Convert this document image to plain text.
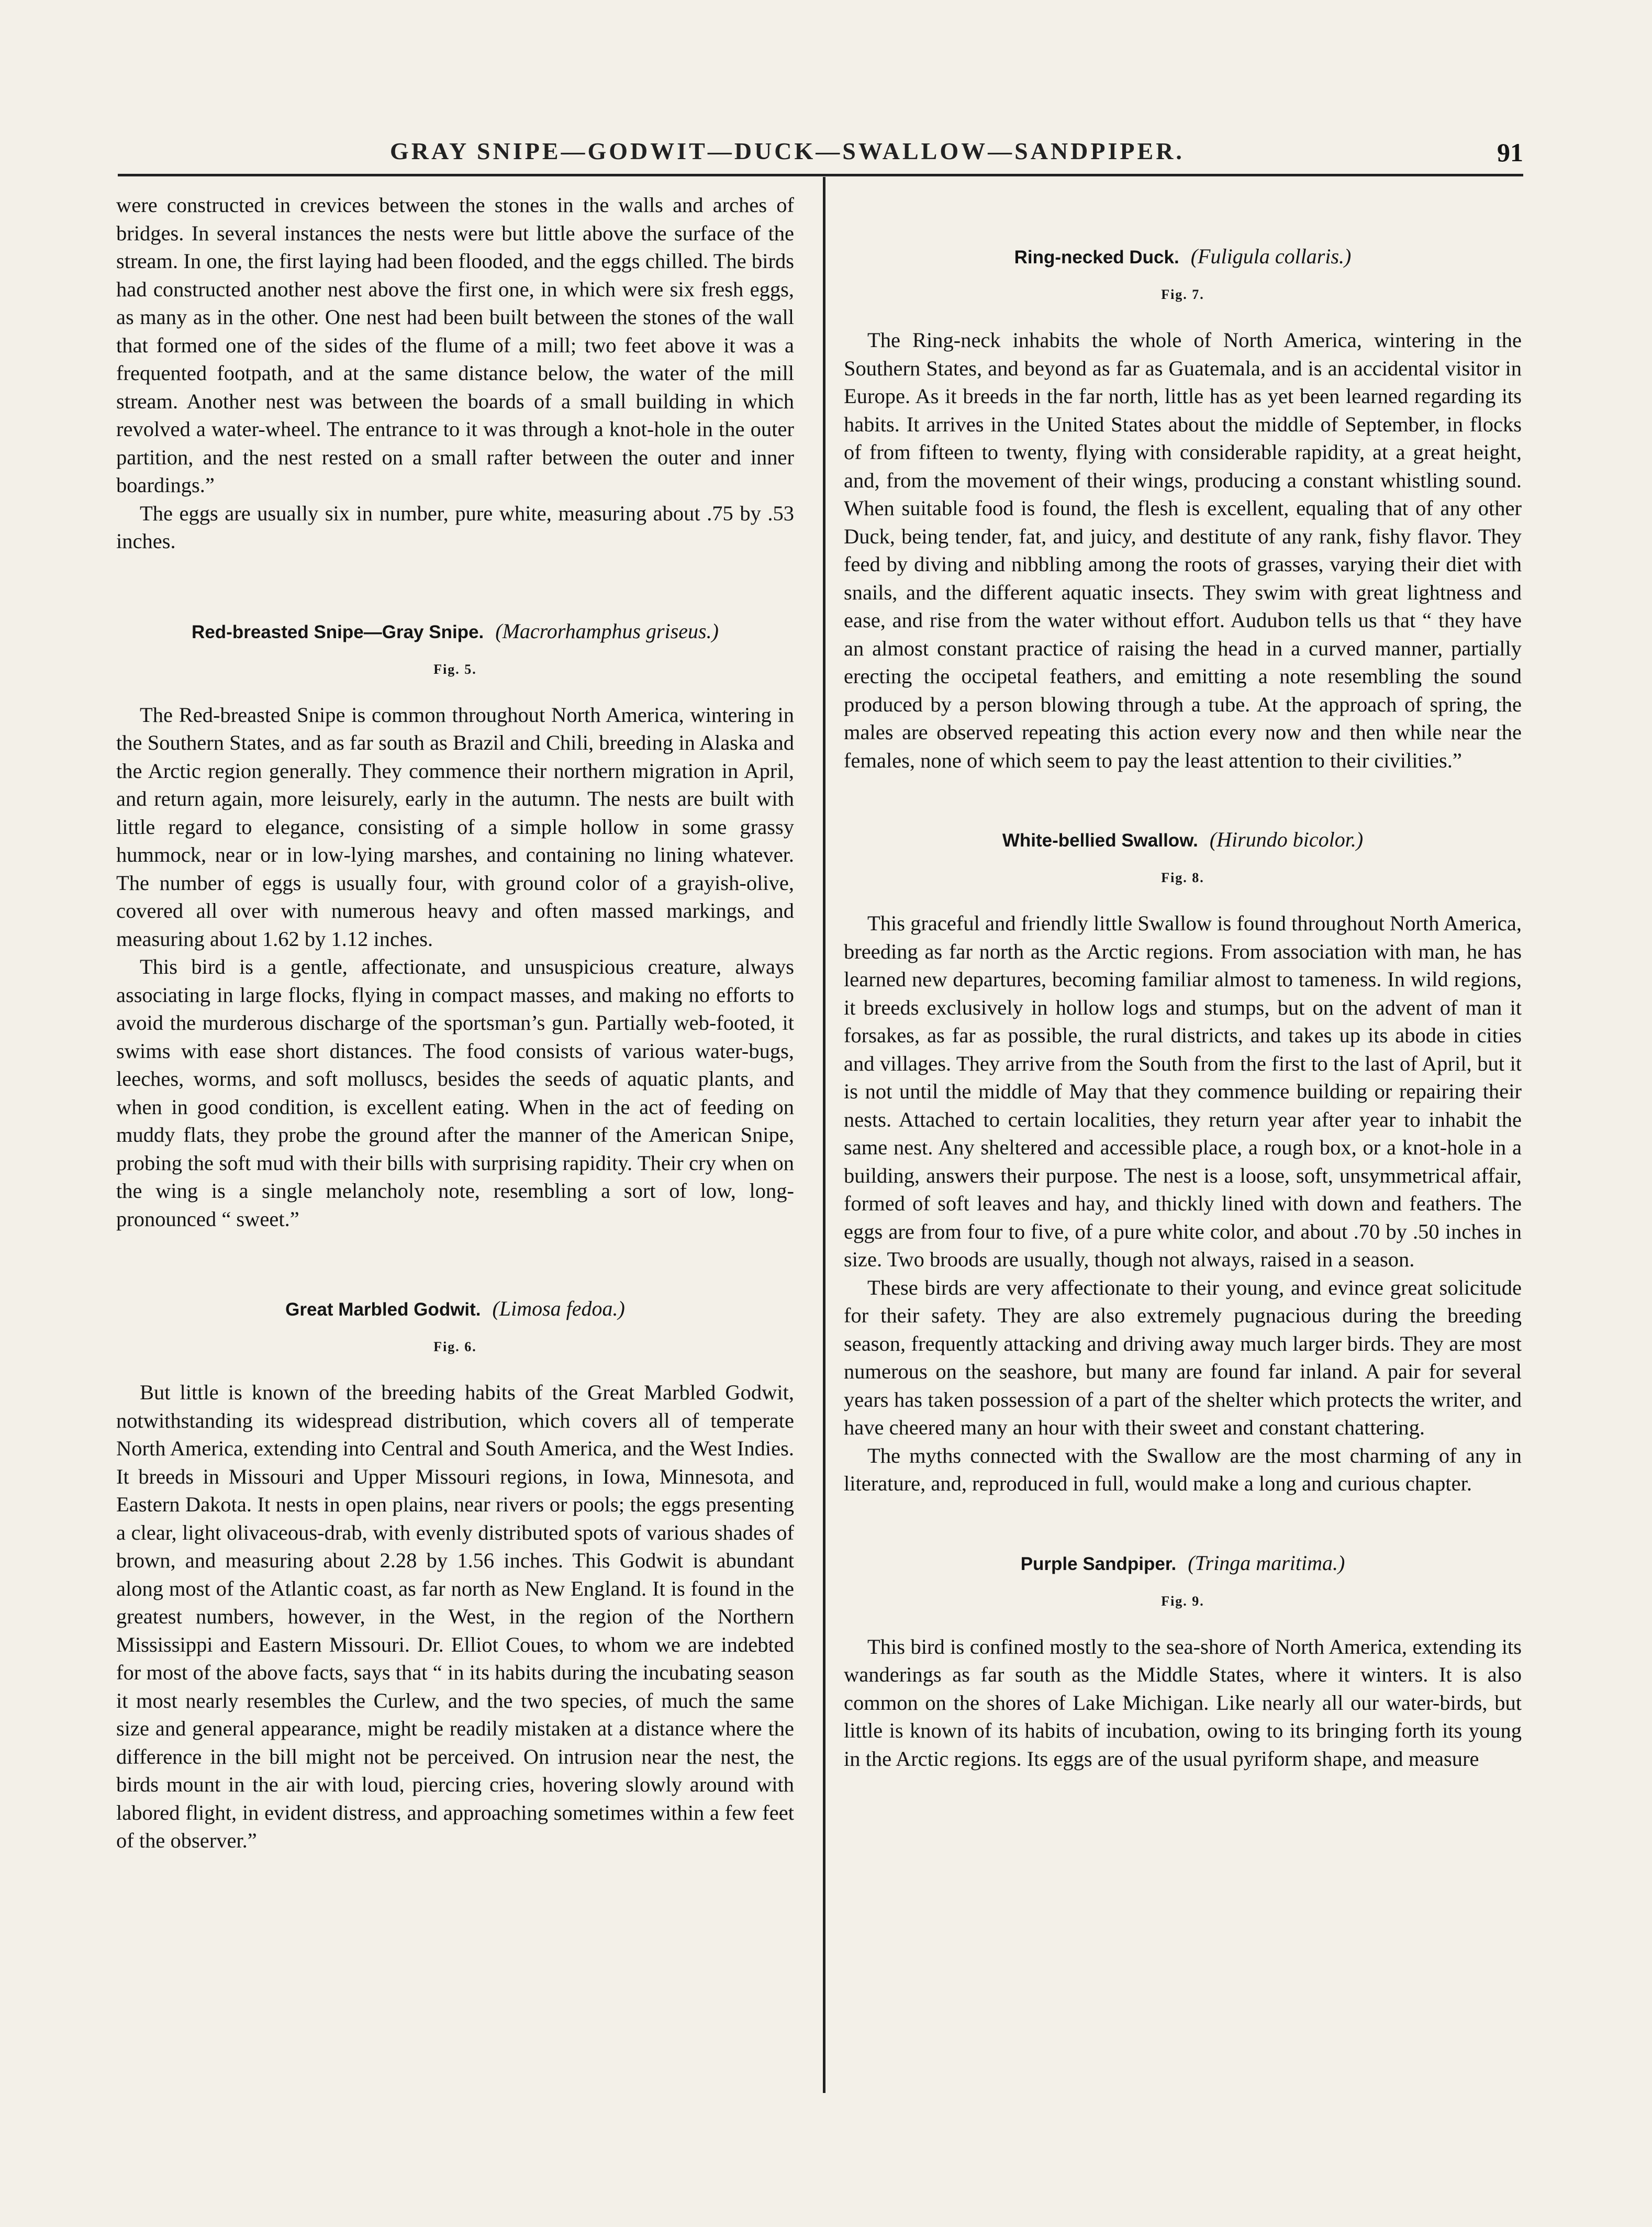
GRAY SNIPE—GODWIT—DUCK—SWALLOW—SANDPIPER.	91

were constructed in crevices between the stones in the walls and arches of bridges. In several instances the nests were but little above the surface of the stream. In one, the first laying had been flooded, and the eggs chilled. The birds had constructed another nest above the first one, in which were six fresh eggs, as many as in the other. One nest had been built between the stones of the wall that formed one of the sides of the flume of a mill; two feet above it was a frequented footpath, and at the same distance below, the water of the mill stream. Another nest was between the boards of a small building in which revolved a water-wheel. The entrance to it was through a knot-hole in the outer partition, and the nest rested on a small rafter between the outer and inner boardings.”

The eggs are usually six in number, pure white, measuring about .75 by .53 inches.

Red-breasted Snipe—Gray Snipe. (Macrorhamphus griseus.)
Fig. 5.

The Red-breasted Snipe is common throughout North America, wintering in the Southern States, and as far south as Brazil and Chili, breeding in Alaska and the Arctic region generally. They commence their northern migration in April, and return again, more leisurely, early in the autumn. The nests are built with little regard to elegance, consisting of a simple hollow in some grassy hummock, near or in low-lying marshes, and containing no lining whatever. The number of eggs is usually four, with ground color of a grayish-olive, covered all over with numerous heavy and often massed markings, and measuring about 1.62 by 1.12 inches.

This bird is a gentle, affectionate, and unsuspicious creature, always associating in large flocks, flying in compact masses, and making no efforts to avoid the murderous discharge of the sportsman’s gun. Partially web-footed, it swims with ease short distances. The food consists of various water-bugs, leeches, worms, and soft molluscs, besides the seeds of aquatic plants, and when in good condition, is excellent eating. When in the act of feeding on muddy flats, they probe the ground after the manner of the American Snipe, probing the soft mud with their bills with surprising rapidity. Their cry when on the wing is a single melancholy note, resembling a sort of low, long-pronounced “ sweet.”

Great Marbled Godwit. (Limosa fedoa.)
Fig. 6.

But little is known of the breeding habits of the Great Marbled Godwit, notwithstanding its widespread distribution, which covers all of temperate North America, extending into Central and South America, and the West Indies. It breeds in Missouri and Upper Missouri regions, in Iowa, Minnesota, and Eastern Dakota. It nests in open plains, near rivers or pools; the eggs presenting a clear, light olivaceous-drab, with evenly distributed spots of various shades of brown, and measuring about 2.28 by 1.56 inches. This Godwit is abundant along most of the Atlantic coast, as far north as New England. It is found in the greatest numbers, however, in the West, in the region of the Northern Mississippi and Eastern Missouri. Dr. Elliot Coues, to whom we are indebted for most of the above facts, says that “ in its habits during the incubating season it most nearly resembles the Curlew, and the two species, of much the same size and general appearance, might be readily mistaken at a distance where the difference in the bill might not be perceived. On intrusion near the nest, the birds mount in the air with loud, piercing cries, hovering slowly around with labored flight, in evident distress, and approaching sometimes within a few feet of the observer.”

Ring-necked Duck. (Fuligula collaris.)
Fig. 7.

The Ring-neck inhabits the whole of North America, wintering in the Southern States, and beyond as far as Guatemala, and is an accidental visitor in Europe. As it breeds in the far north, little has as yet been learned regarding its habits. It arrives in the United States about the middle of September, in flocks of from fifteen to twenty, flying with considerable rapidity, at a great height, and, from the movement of their wings, producing a constant whistling sound. When suitable food is found, the flesh is excellent, equaling that of any other Duck, being tender, fat, and juicy, and destitute of any rank, fishy flavor. They feed by diving and nibbling among the roots of grasses, varying their diet with snails, and the different aquatic insects. They swim with great lightness and ease, and rise from the water without effort. Audubon tells us that “ they have an almost constant practice of raising the head in a curved manner, partially erecting the occipetal feathers, and emitting a note resembling the sound produced by a person blowing through a tube. At the approach of spring, the males are observed repeating this action every now and then while near the females, none of which seem to pay the least attention to their civilities.”

White-bellied Swallow. (Hirundo bicolor.)
Fig. 8.

This graceful and friendly little Swallow is found throughout North America, breeding as far north as the Arctic regions. From association with man, he has learned new departures, becoming familiar almost to tameness. In wild regions, it breeds exclusively in hollow logs and stumps, but on the advent of man it forsakes, as far as possible, the rural districts, and takes up its abode in cities and villages. They arrive from the South from the first to the last of April, but it is not until the middle of May that they commence building or repairing their nests. Attached to certain localities, they return year after year to inhabit the same nest. Any sheltered and accessible place, a rough box, or a knot-hole in a building, answers their purpose. The nest is a loose, soft, unsymmetrical affair, formed of soft leaves and hay, and thickly lined with down and feathers. The eggs are from four to five, of a pure white color, and about .70 by .50 inches in size. Two broods are usually, though not always, raised in a season.

These birds are very affectionate to their young, and evince great solicitude for their safety. They are also extremely pugnacious during the breeding season, frequently attacking and driving away much larger birds. They are most numerous on the seashore, but many are found far inland. A pair for several years has taken possession of a part of the shelter which protects the writer, and have cheered many an hour with their sweet and constant chattering.

The myths connected with the Swallow are the most charming of any in literature, and, reproduced in full, would make a long and curious chapter.

Purple Sandpiper. (Tringa maritima.)
Fig. 9.

This bird is confined mostly to the sea-shore of North America, extending its wanderings as far south as the Middle States, where it winters. It is also common on the shores of Lake Michigan. Like nearly all our water-birds, but little is known of its habits of incubation, owing to its bringing forth its young in the Arctic regions. Its eggs are of the usual pyriform shape, and measure
